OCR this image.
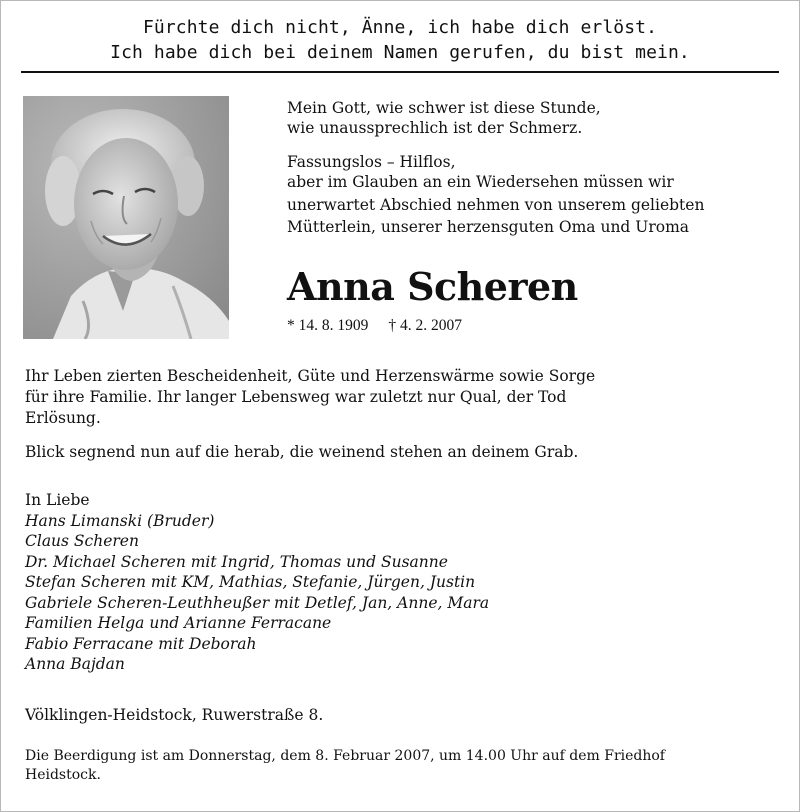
Fürchte dich nicht, Änne, ich habe dich erlöst.
Ich habe dich bei deinem Namen gerufen, du bist mein.
Mein Gott, wie schwer ist diese Stunde,
wie unaussprechlich ist der Schmerz.
Fassungslos – Hilflos,
aber im Glauben an ein Wiedersehen müssen wir
unerwartet Abschied nehmen von unserem geliebten
Mütterlein, unserer herzensguten Oma und Uroma
Anna Scheren
* 14. 8. 1909 † 4. 2. 2007
Ihr Leben zierten Bescheidenheit, Güte und Herzenswärme sowie Sorge
für ihre Familie. Ihr langer Lebensweg war zuletzt nur Qual, der Tod
Erlösung.
Blick segnend nun auf die herab, die weinend stehen an deinem Grab.
In Liebe
Hans Limanski (Bruder)
Claus Scheren
Dr. Michael Scheren mit Ingrid, Thomas und Susanne
Stefan Scheren mit KM, Mathias, Stefanie, Jürgen, Justin
Gabriele Scheren-Leuthheußer mit Detlef, Jan, Anne, Mara
Familien Helga und Arianne Ferracane
Fabio Ferracane mit Deborah
Anna Bajdan
Völklingen-Heidstock, Ruwerstraße 8.
Die Beerdigung ist am Donnerstag, dem 8. Februar 2007, um 14.00 Uhr auf dem Friedhof
Heidstock.
